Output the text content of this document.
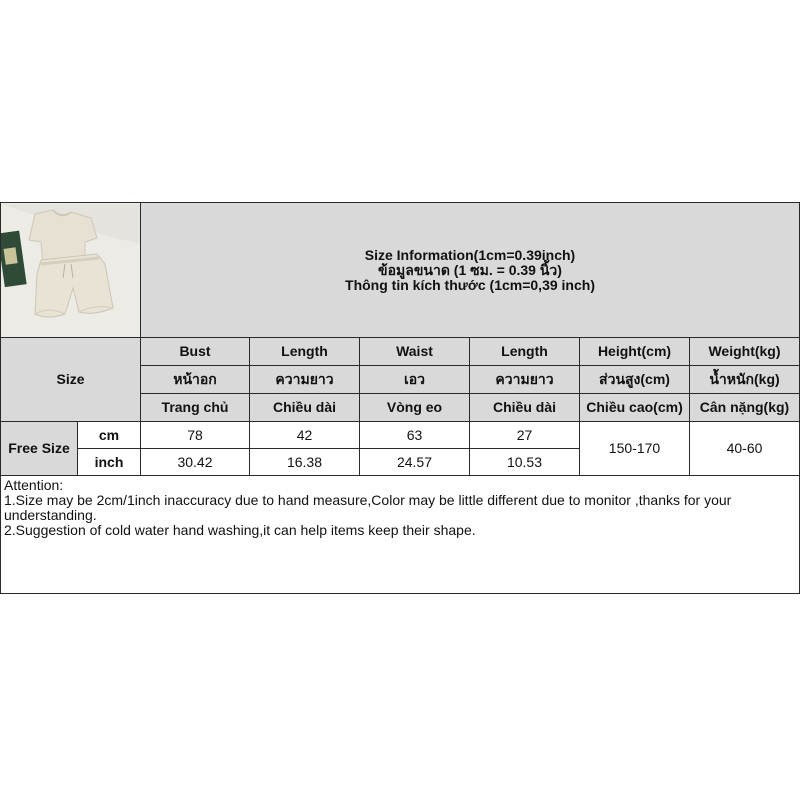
Size Information(1cm=0.39inch)
ข้อมูลขนาด (1 ซม. = 0.39 นิ้ว)
Thông tin kích thước (1cm=0,39 inch)					

Size		Bust	Length	Waist	Length	Height(cm)	Weight(kg)
		หน้าอก	ความยาว	เอว	ความยาว	ส่วนสูง(cm)	น้ำหนัก(kg)
		Trang chủ	Chiều dài	Vòng eo	Chiều dài	Chiều cao(cm)	Cân nặng(kg)
Free Size	cm	78	42	63	27	150-170	40-60
	inch	30.42	16.38	24.57	10.53		

Attention:
1.Size may be 2cm/1inch inaccuracy due to hand measure,Color may be little different due to monitor ,thanks for your understanding.
2.Suggestion of cold water hand washing,it can help items keep their shape.							
